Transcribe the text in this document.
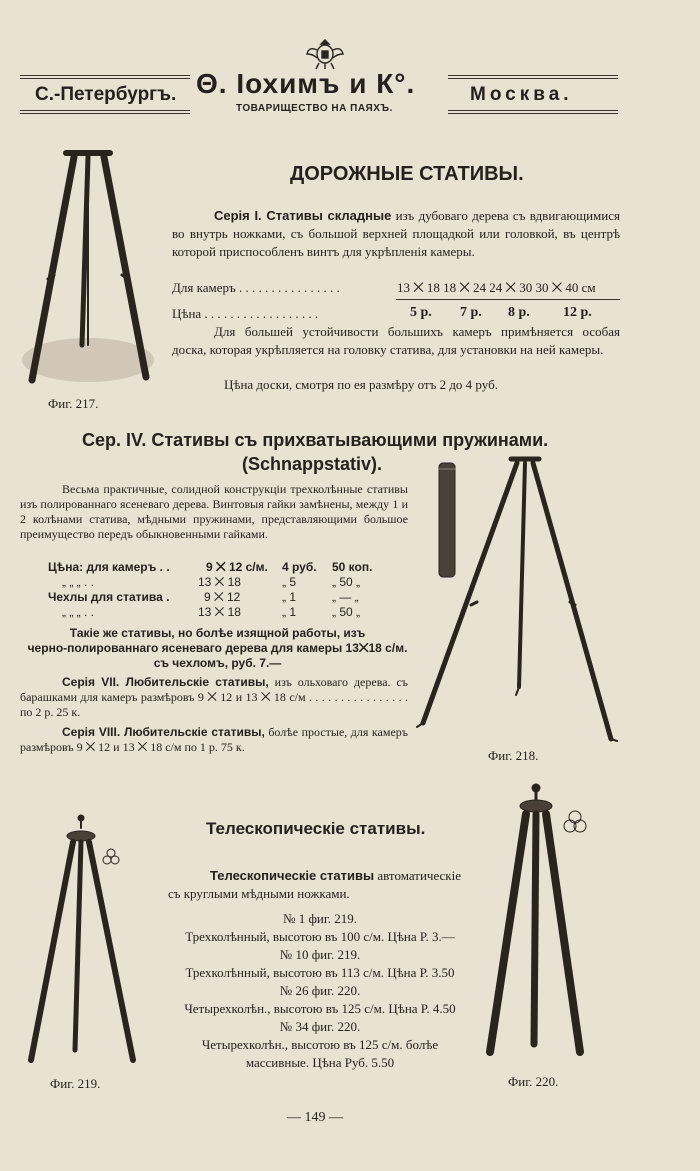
С.-Петербургъ. Θ. Іохимъ и К°.
ТОВАРИЩЕСТВО НА ПАЯХЪ.
Москва.
Фиг. 217.
ДОРОЖНЫЕ СТАТИВЫ.
Серія I. Стативы складные изъ дубоваго дерева съ вдвигающимися во внутрь ножками, съ большой верхней площадкой или головкой, въ центрѣ которой приспособленъ винтъ для укрѣпленія камеры.
Для камеръ . . . . . . . . . . . . . . . .	13 ⨉ 18 18 ⨉ 24 24 ⨉ 30 30 ⨉ 40 см
Цѣна . . . . . . . . . . . . . . . . . .	5 р. 7 р. 8 р. 12 р.
Для большей устойчивости большихъ камеръ примѣняется особая доска, которая укрѣпляется на головку статива, для установки на ней камеры.
Цѣна доски, смотря по ея размѣру отъ 2 до 4 руб.
Сер. IV. Стативы съ прихватывающими пружинами.
(Schnappstativ).
Весьма практичные, солидной конструкціи трехколѣнные стативы изъ полированнаго ясеневаго дерева. Винтовыя гайки замѣнены, между 1 и 2 колѣнами статива, мѣдными пружинами, представляющими большое преимущество передъ обыкновенными гайками.
Цѣна: для камеръ . .	9 ⨉ 12 с/м. 4 руб. 50 коп.
„ „ „ . .	13 ⨉ 18	„ 5	„ 50 „
Чехлы для статива .	9 ⨉ 12	„ 1	„ — „
„ „ „ . .	13 ⨉ 18	„ 1	„ 50 „
Такіе же стативы, но болѣе изящной работы, изъ
черно-полированнаго ясеневаго дерева для камеры 13⨉18 с/м.
съ чехломъ, руб. 7.—
Серія VII. Любительскіе стативы, изъ ольховаго дерева. съ барашками для камеръ размѣровъ 9 ⨉ 12 и 13 ⨉ 18 с/м . . . . . . . . . . . . . . . . по 2 р. 25 к.
Серія VIII. Любительскіе стативы, болѣе простые, для камеръ размѣровъ 9 ⨉ 12 и 13 ⨉ 18 с/м по 1 р. 75 к.
Фиг. 218.
Телескопическіе стативы.
Телескопическіе стативы автоматическіе
съ круглыми мѣдными ножками.
№ 1 фиг. 219.
Трехколѣнный, высотою въ 100 с/м. Цѣна Р. 3.—
№ 10 фиг. 219.
Трехколѣнный, высотою въ 113 с/м. Цѣна Р. 3.50
№ 26 фиг. 220.
Четырехколѣн., высотою въ 125 с/м. Цѣна Р. 4.50
№ 34 фиг. 220.
Четырехколѣн., высотою въ 125 с/м. болѣе массивные. Цѣна Руб. 5.50
Фиг. 219.	Фиг. 220.
— 149 —
